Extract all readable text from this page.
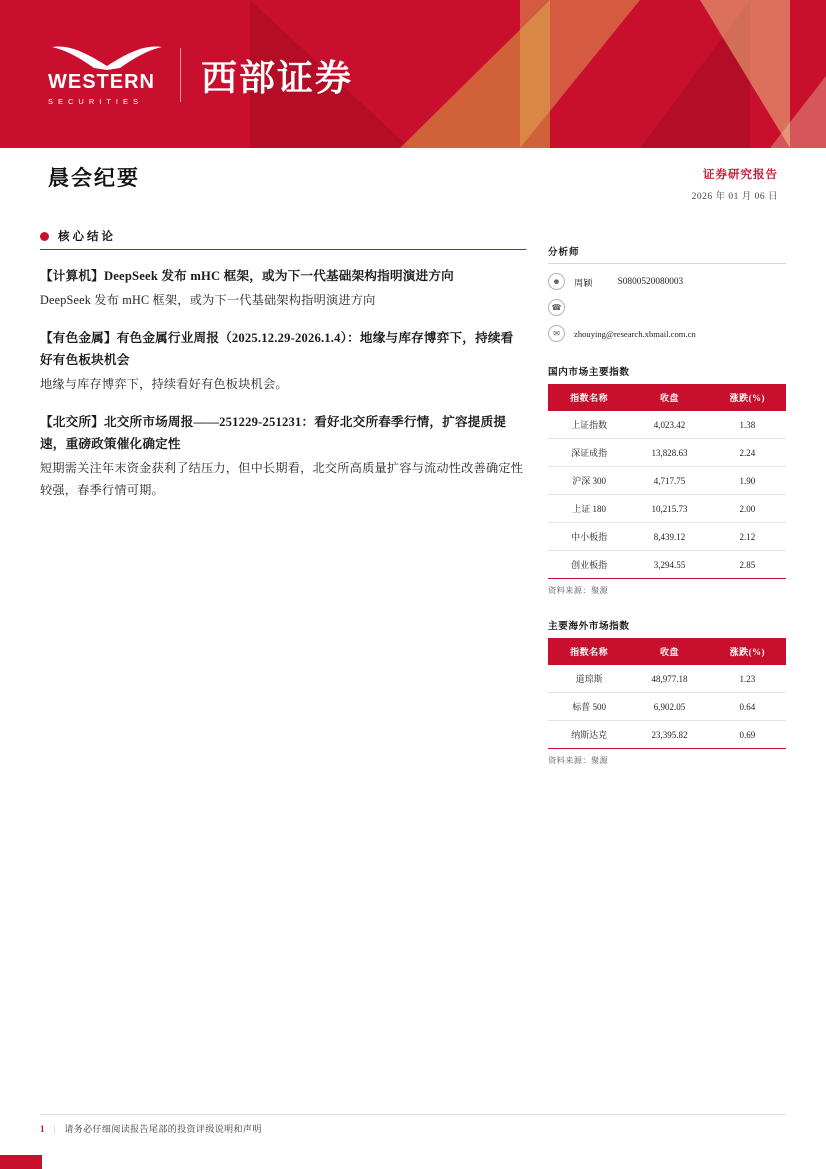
WESTERN
SECURITIES
西部证券
晨会纪要	证券研究报告
2026 年 01 月 06 日
核心结论
【计算机】DeepSeek 发布 mHC 框架，或为下一代基础架构指明演进方向
DeepSeek 发布 mHC 框架，或为下一代基础架构指明演进方向
【有色金属】有色金属行业周报（2025.12.29-2026.1.4）：地缘与库存博弈下，持续看好有色板块机会
地缘与库存博弈下，持续看好有色板块机会。
【北交所】北交所市场周报——251229-251231：看好北交所春季行情，扩容提质提速，重磅政策催化确定性
短期需关注年末资金获利了结压力，但中长期看，北交所高质量扩容与流动性改善确定性较强，春季行情可期。
分析师
☻	周颖	S0800520080003
☎
✉	zhouying@research.xbmail.com.cn
国内市场主要指数
指数名称	收盘	涨跌(%)
上证指数	4,023.42	1.38
深证成指	13,828.63	2.24
沪深 300	4,717.75	1.90
上证 180	10,215.73	2.00
中小板指	8,439.12	2.12
创业板指	3,294.55	2.85
资料来源：聚源
主要海外市场指数
指数名称	收盘	涨跌(%)
道琼斯	48,977.18	1.23
标普 500	6,902.05	0.64
纳斯达克	23,395.82	0.69
资料来源：聚源
1 | 请务必仔细阅读报告尾部的投资评级说明和声明
